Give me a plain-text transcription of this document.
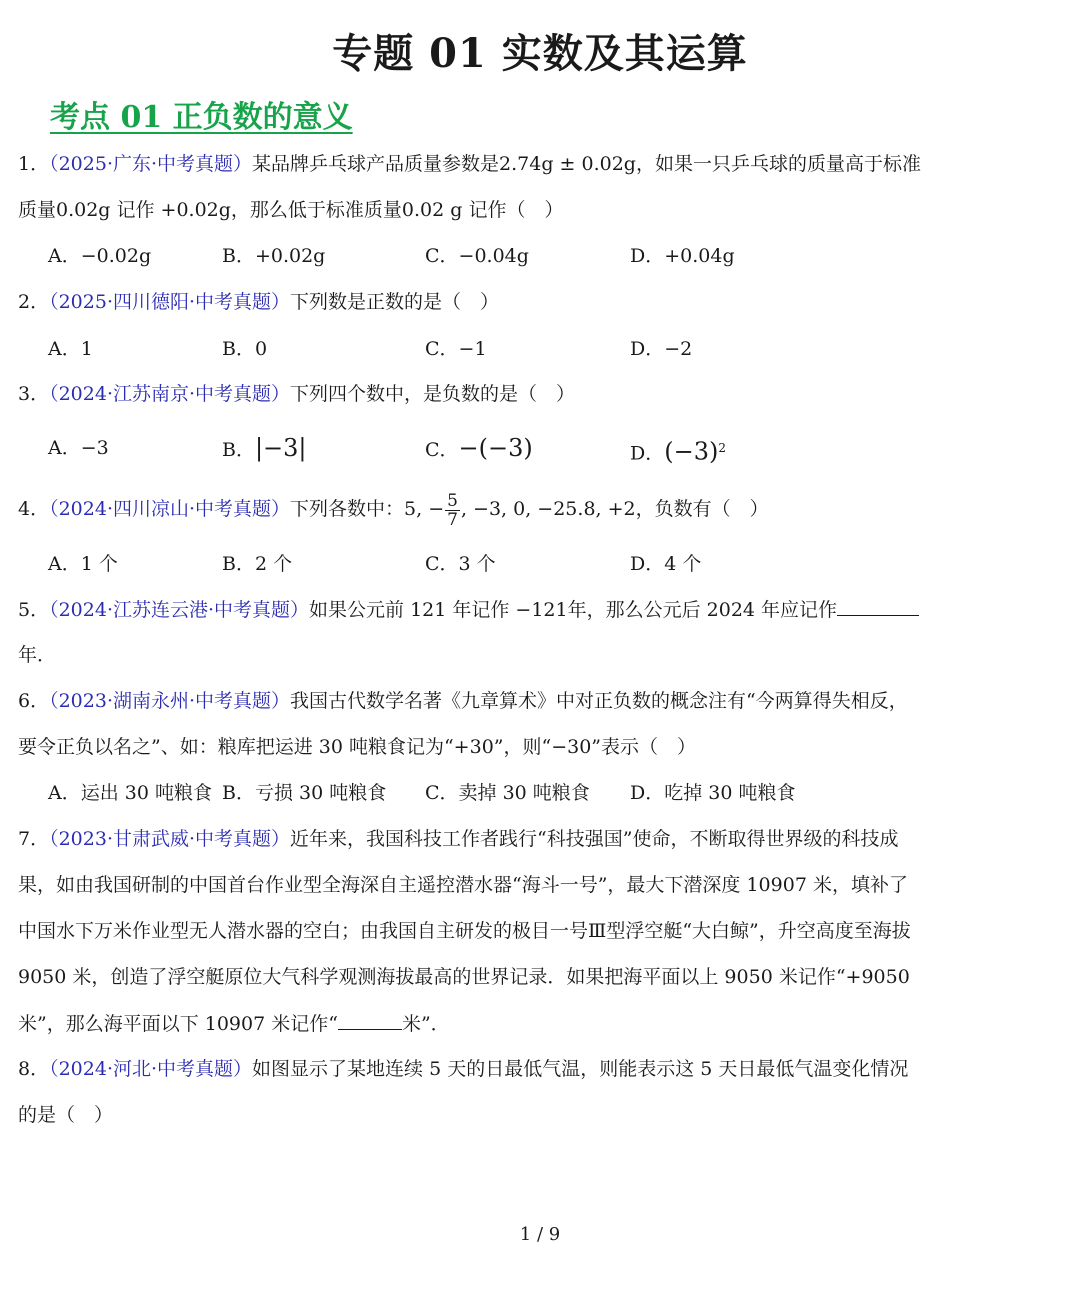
专题 01 实数及其运算
考点 01 正负数的意义
1．（2025·广东·中考真题）某品牌乒乓球产品质量参数是2.74g ± 0.02g，如果一只乒乓球的质量高于标准
质量0.02g 记作 +0.02g，那么低于标准质量0.02 g 记作（　）
A．−0.02g	B．+0.02g	C．−0.04g	D．+0.04g
2．（2025·四川德阳·中考真题）下列数是正数的是（　）
A．1	B．0	C．−1	D．−2
3．（2024·江苏南京·中考真题）下列四个数中，是负数的是（　）
A．−3	B．|−3|	C．−(−3)	D．$(-3)^2$
4．（2024·四川凉山·中考真题）下列各数中：5, − $\frac{5}{7}$ , −3, 0, −25.8, +2，负数有（　）
A．1 个	B．2 个	C．3 个	D．4 个
5．（2024·江苏连云港·中考真题）如果公元前 121 年记作 −121年，那么公元后 2024 年应记作
年．
6．（2023·湖南永州·中考真题）我国古代数学名著《九章算术》中对正负数的概念注有“今两算得失相反，
要令正负以名之”、如：粮库把运进 30 吨粮食记为“+30”，则“−30”表示（　）
A．运出 30 吨粮食 B．亏损 30 吨粮食 C．卖掉 30 吨粮食 D．吃掉 30 吨粮食
7．（2023·甘肃武威·中考真题）近年来，我国科技工作者践行“科技强国”使命，不断取得世界级的科技成
果，如由我国研制的中国首台作业型全海深自主遥控潜水器“海斗一号”，最大下潜深度 10907 米，填补了
中国水下万米作业型无人潜水器的空白；由我国自主研发的极目一号Ⅲ型浮空艇“大白鲸”，升空高度至海拔
9050 米，创造了浮空艇原位大气科学观测海拔最高的世界记录．如果把海平面以上 9050 米记作“+9050
米”，那么海平面以下 10907 米记作“	米”．
8．（2024·河北·中考真题）如图显示了某地连续 5 天的日最低气温，则能表示这 5 天日最低气温变化情况
的是（　）
1 / 9
